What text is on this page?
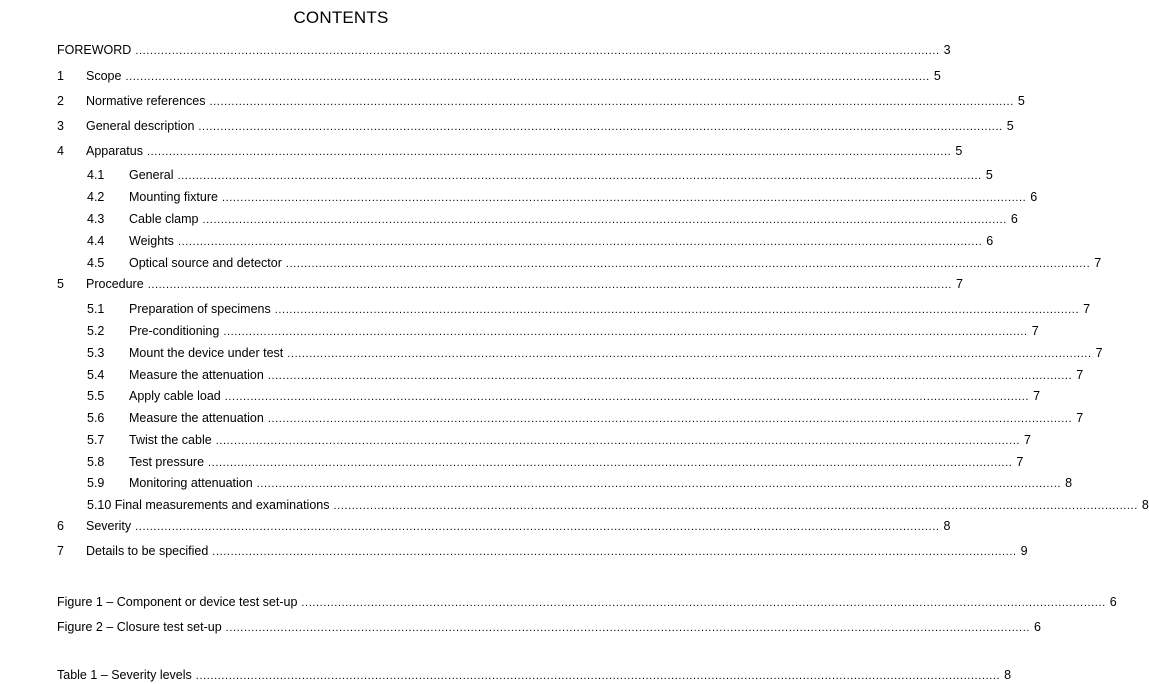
CONTENTS
FOREWORD ............................................................................................................................................................................................................................ 3
1	Scope ............................................................................................................................................................................................................................ 5
2	Normative references ............................................................................................................................................................................................................................ 5
3	General description ............................................................................................................................................................................................................................ 5
4	Apparatus ............................................................................................................................................................................................................................ 5
4.1	General ............................................................................................................................................................................................................................ 5
4.2	Mounting fixture ............................................................................................................................................................................................................................ 6
4.3	Cable clamp ............................................................................................................................................................................................................................ 6
4.4	Weights ............................................................................................................................................................................................................................ 6
4.5	Optical source and detector ............................................................................................................................................................................................................................ 7
5	Procedure ............................................................................................................................................................................................................................ 7
5.1	Preparation of specimens ............................................................................................................................................................................................................................ 7
5.2	Pre-conditioning ............................................................................................................................................................................................................................ 7
5.3	Mount the device under test ............................................................................................................................................................................................................................ 7
5.4	Measure the attenuation ............................................................................................................................................................................................................................ 7
5.5	Apply cable load ............................................................................................................................................................................................................................ 7
5.6	Measure the attenuation ............................................................................................................................................................................................................................ 7
5.7	Twist the cable ............................................................................................................................................................................................................................ 7
5.8	Test pressure ............................................................................................................................................................................................................................ 7
5.9	Monitoring attenuation ............................................................................................................................................................................................................................ 8
5.10 Final measurements and examinations ............................................................................................................................................................................................................................ 8
6	Severity ............................................................................................................................................................................................................................ 8
7	Details to be specified ............................................................................................................................................................................................................................ 9
Figure 1 – Component or device test set-up ............................................................................................................................................................................................................................ 6
Figure 2 – Closure test set-up ............................................................................................................................................................................................................................ 6
Table 1 – Severity levels ............................................................................................................................................................................................................................ 8
